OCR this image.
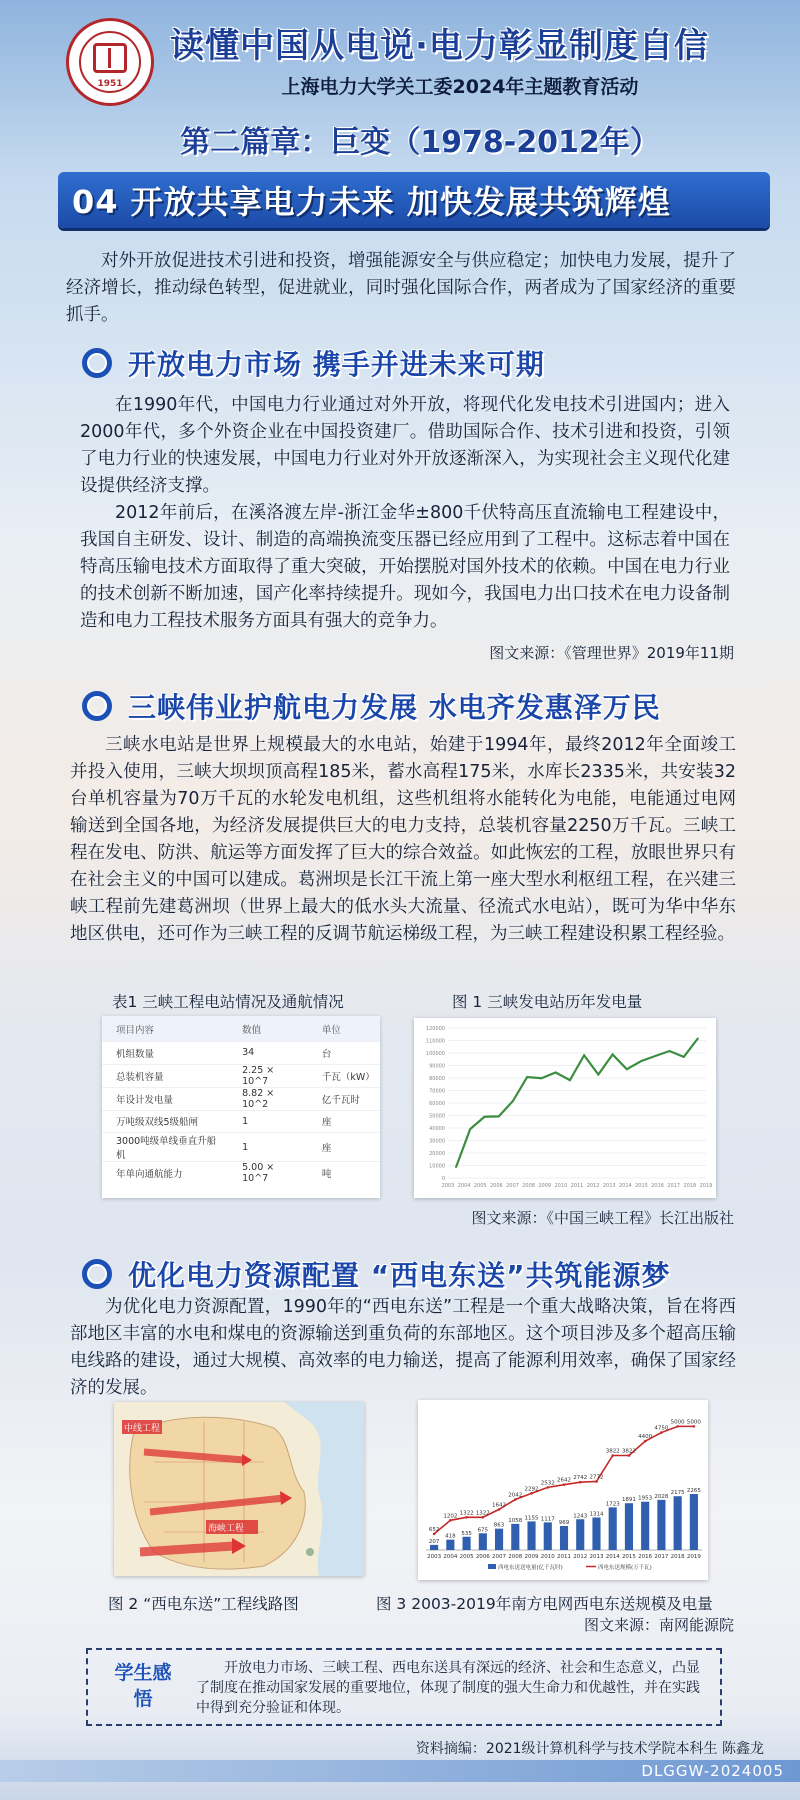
1951
读懂中国从电说·电力彰显制度自信
上海电力大学关工委2024年主题教育活动
第二篇章：巨变（1978-2012年）
04 开放共享电力未来 加快发展共筑辉煌
对外开放促进技术引进和投资，增强能源安全与供应稳定；加快电力发展，提升了经济增长，推动绿色转型，促进就业，同时强化国际合作，两者成为了国家经济的重要抓手。
开放电力市场 携手并进未来可期
在1990年代，中国电力行业通过对外开放，将现代化发电技术引进国内；进入2000年代，多个外资企业在中国投资建厂。借助国际合作、技术引进和投资，引领了电力行业的快速发展，中国电力行业对外开放逐渐深入，为实现社会主义现代化建设提供经济支撑。
2012年前后，在溪洛渡左岸-浙江金华±800千伏特高压直流输电工程建设中，我国自主研发、设计、制造的高端换流变压器已经应用到了工程中。这标志着中国在特高压输电技术方面取得了重大突破，开始摆脱对国外技术的依赖。中国在电力行业的技术创新不断加速，国产化率持续提升。现如今，我国电力出口技术在电力设备制造和电力工程技术服务方面具有强大的竞争力。
图文来源：《管理世界》2019年11期
三峡伟业护航电力发展 水电齐发惠泽万民
三峡水电站是世界上规模最大的水电站，始建于1994年，最终2012年全面竣工并投入使用，三峡大坝坝顶高程185米，蓄水高程175米，水库长2335米，共安装32台单机容量为70万千瓦的水轮发电机组，这些机组将水能转化为电能，电能通过电网输送到全国各地，为经济发展提供巨大的电力支持，总装机容量2250万千瓦。三峡工程在发电、防洪、航运等方面发挥了巨大的综合效益。如此恢宏的工程，放眼世界只有在社会主义的中国可以建成。葛洲坝是长江干流上第一座大型水利枢纽工程，在兴建三峡工程前先建葛洲坝（世界上最大的低水头大流量、径流式水电站），既可为华中华东地区供电，还可作为三峡工程的反调节航运梯级工程，为三峡工程建设积累工程经验。
表1 三峡工程电站情况及通航情况	图 1 三峡发电站历年发电量
项目内容	数值	单位
机组数量	34	台
总装机容量	2.25 × 10^7	千瓦（kW）
年设计发电量	8.82 × 10^2	亿千瓦时
万吨级双线5级船闸	1	座
3000吨级单线垂直升船机	1	座
年单向通航能力	5.00 × 10^7	吨	0
10000
20000
30000
40000
50000
60000
70000
80000
90000
100000
110000
120000
2003 2004 2005 2006 2007 2008 2009 2010 2011 2012 2013 2014 2015 2016 2017 2018 2019
图文来源：《中国三峡工程》长江出版社
优化电力资源配置 “西电东送”共筑能源梦
为优化电力资源配置，1990年的“西电东送”工程是一个重大战略决策，旨在将西部地区丰富的水电和煤电的资源输送到重负荷的东部地区。这个项目涉及多个超高压输电线路的建设，通过大规模、高效率的电力输送，提高了能源利用效率，确保了国家经济的发展。
中线工程
海峡工程
207
2003
418
2004
535
2005
675
2006
863
2007
1058
2008
1155
2009
1117
2010
969
2011
1243
2012
1314
2013
1723
2014
1891
2015
1953
2016
2028
2017
2175
2018
2265
2019
652
1202 1322 1322
1642
2042
2292
2532 2642 2742 2772
3822 3822
4400
4750
5000 5000
西电东送送电量(亿千瓦时)	西电东送规模(万千瓦)
图 2 “西电东送”工程线路图	图 3 2003-2019年南方电网西电东送规模及电量
图文来源：南网能源院
学生感悟
开放电力市场、三峡工程、西电东送具有深远的经济、社会和生态意义，凸显了制度在推动国家发展的重要地位，体现了制度的强大生命力和优越性，并在实践中得到充分验证和体现。
资料摘编：2021级计算机科学与技术学院本科生 陈鑫龙
DLGGW-2024005
